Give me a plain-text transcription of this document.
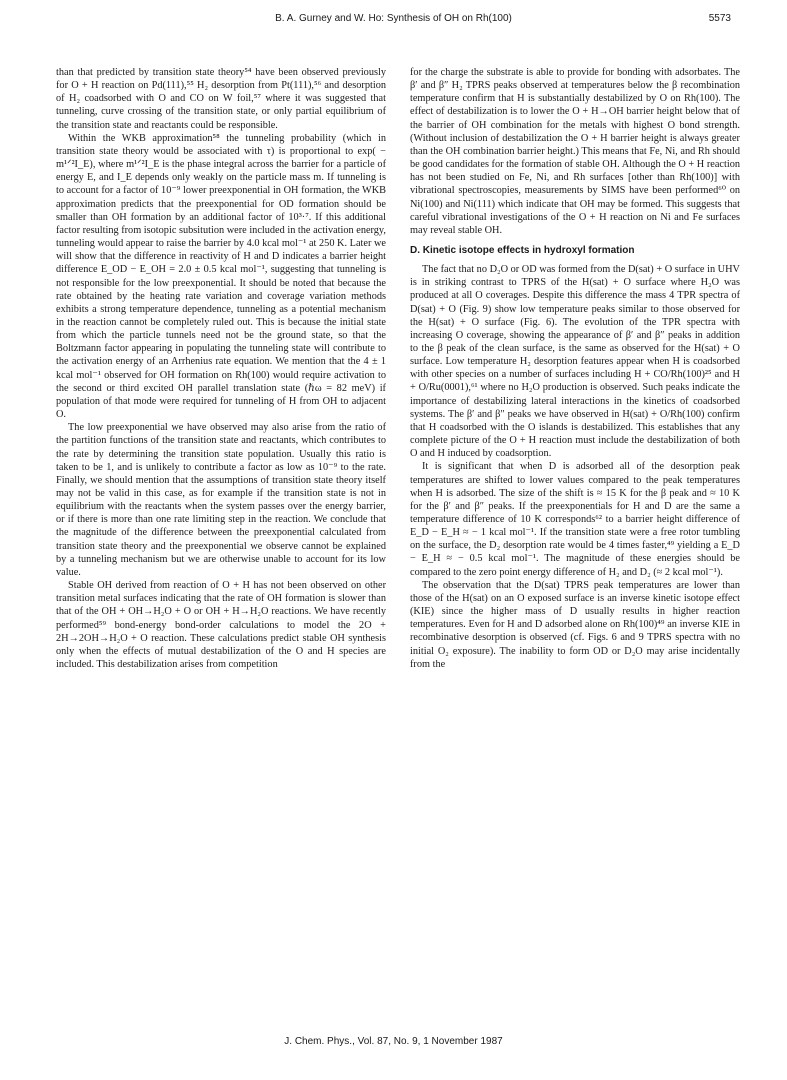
B. A. Gurney and W. Ho: Synthesis of OH on Rh(100)	5573

than that predicted by transition state theory⁵⁴ have been observed previously for O + H reaction on Pd(111),⁵⁵ H₂ desorption from Pt(111),⁵⁶ and desorption of H₂ coadsorbed with O and CO on W foil,⁵⁷ where it was suggested that tunneling, curve crossing of the transition state, or only partial equilibrium of the transition state and reactants could be responsible.

Within the WKB approximation⁵⁸ the tunneling probability (which in transition state theory would be associated with τ) is proportional to exp( − m¹ᐟ²I_E), where m¹ᐟ²I_E is the phase integral across the barrier for a particle of energy E, and I_E depends only weakly on the particle mass m. If tunneling is to account for a factor of 10⁻⁹ lower preexponential in OH formation, the WKB approximation predicts that the preexponential for OD formation should be smaller than OH formation by an additional factor of 10³·⁷. If this additional factor resulting from isotopic subsitution were included in the activation energy, tunneling would appear to raise the barrier by 4.0 kcal mol⁻¹ at 250 K. Later we will show that the difference in reactivity of H and D indicates a barrier height difference E_OD − E_OH = 2.0 ± 0.5 kcal mol⁻¹, suggesting that tunneling is not responsible for the low preexponential. It should be noted that because the rate obtained by the heating rate variation and coverage variation methods exhibits a strong temperature dependence, tunneling as a potential mechanism in the reaction cannot be completely ruled out. This is because the initial state from which the particle tunnels need not be the ground state, so that the Boltzmann factor appearing in populating the tunneling state will contribute to the activation energy of an Arrhenius rate equation. We mention that the 4 ± 1 kcal mol⁻¹ observed for OH formation on Rh(100) would require activation to the second or third excited OH parallel translation state (ℏω = 82 meV) if population of that mode were required for tunneling of H from OH to adjacent O.

The low preexponential we have observed may also arise from the ratio of the partition functions of the transition state and reactants, which contributes to the rate by determining the transition state population. Usually this ratio is taken to be 1, and is unlikely to contribute a factor as low as 10⁻⁹ to the rate. Finally, we should mention that the assumptions of transition state theory itself may not be valid in this case, as for example if the transition state is not in equilibrium with the reactants when the system passes over the energy barrier, or if there is more than one rate limiting step in the reaction. We conclude that the magnitude of the difference between the preexponential calculated from transition state theory and the preexponential we observe cannot be explained by a tunneling mechanism but we are otherwise unable to account for its low value.

Stable OH derived from reaction of O + H has not been observed on other transition metal surfaces indicating that the rate of OH formation is slower than that of the OH + OH→H₂O + O or OH + H→H₂O reactions. We have recently performed⁵⁹ bond-energy bond-order calculations to model the 2O + 2H→2OH→H₂O + O reaction. These calculations predict stable OH synthesis only when the effects of mutual destabilization of the O and H species are included. This destabilization arises from competition

for the charge the substrate is able to provide for bonding with adsorbates. The β′ and β″ H₂ TPRS peaks observed at temperatures below the β recombination temperature confirm that H is substantially destabilized by O on Rh(100). The effect of destabilization is to lower the O + H→OH barrier height below that of the barrier of OH combination for the metals with highest O bond strength. (Without inclusion of destabilization the O + H barrier height is always greater than the OH combination barrier height.) This means that Fe, Ni, and Rh should be good candidates for the formation of stable OH. Although the O + H reaction has not been studied on Fe, Ni, and Rh surfaces [other than Rh(100)] with vibrational spectroscopies, measurements by SIMS have been performed⁶⁰ on Ni(100) and Ni(111) which indicate that OH may be formed. This suggests that careful vibrational investigations of the O + H reaction on Ni and Fe surfaces may reveal stable OH.

D. Kinetic isotope effects in hydroxyl formation

The fact that no D₂O or OD was formed from the D(sat) + O surface in UHV is in striking contrast to TPRS of the H(sat) + O surface where H₂O was produced at all O coverages. Despite this difference the mass 4 TPR spectra of D(sat) + O (Fig. 9) show low temperature peaks similar to those observed for the H(sat) + O surface (Fig. 6). The evolution of the TPR spectra with increasing O coverage, showing the appearance of β′ and β″ peaks in addition to the β peak of the clean surface, is the same as observed for the H(sat) + O surface. Low temperature H₂ desorption features appear when H is coadsorbed with other species on a number of surfaces including H + CO/Rh(100)²⁵ and H + O/Ru(0001),⁶¹ where no H₂O production is observed. Such peaks indicate the importance of destabilizing lateral interactions in the kinetics of coadsorbed systems. The β′ and β″ peaks we have observed in H(sat) + O/Rh(100) confirm that H coadsorbed with the O islands is destabilized. This establishes that any complete picture of the O + H reaction must include the destabilization of both O and H induced by coadsorption.

It is significant that when D is adsorbed all of the desorption peak temperatures are shifted to lower values compared to the peak temperatures when H is adsorbed. The size of the shift is ≈ 15 K for the β peak and ≈ 10 K for the β′ and β″ peaks. If the preexponentials for H and D are the same a temperature difference of 10 K corresponds⁶² to a barrier height difference of E_D − E_H ≈ − 1 kcal mol⁻¹. If the transition state were a free rotor tumbling on the surface, the D₂ desorption rate would be 4 times faster,⁴⁹ yielding a E_D − E_H ≈ − 0.5 kcal mol⁻¹. The magnitude of these energies should be compared to the zero point energy difference of H₂ and D₂ (≈ 2 kcal mol⁻¹).

The observation that the D(sat) TPRS peak temperatures are lower than those of the H(sat) on an O exposed surface is an inverse kinetic isotope effect (KIE) since the higher mass of D usually results in higher reaction temperatures. Even for H and D adsorbed alone on Rh(100)⁴⁹ an inverse KIE in recombinative desorption is observed (cf. Figs. 6 and 9 TPRS spectra with no initial O₂ exposure). The inability to form OD or D₂O may arise incidentally from the

J. Chem. Phys., Vol. 87, No. 9, 1 November 1987
